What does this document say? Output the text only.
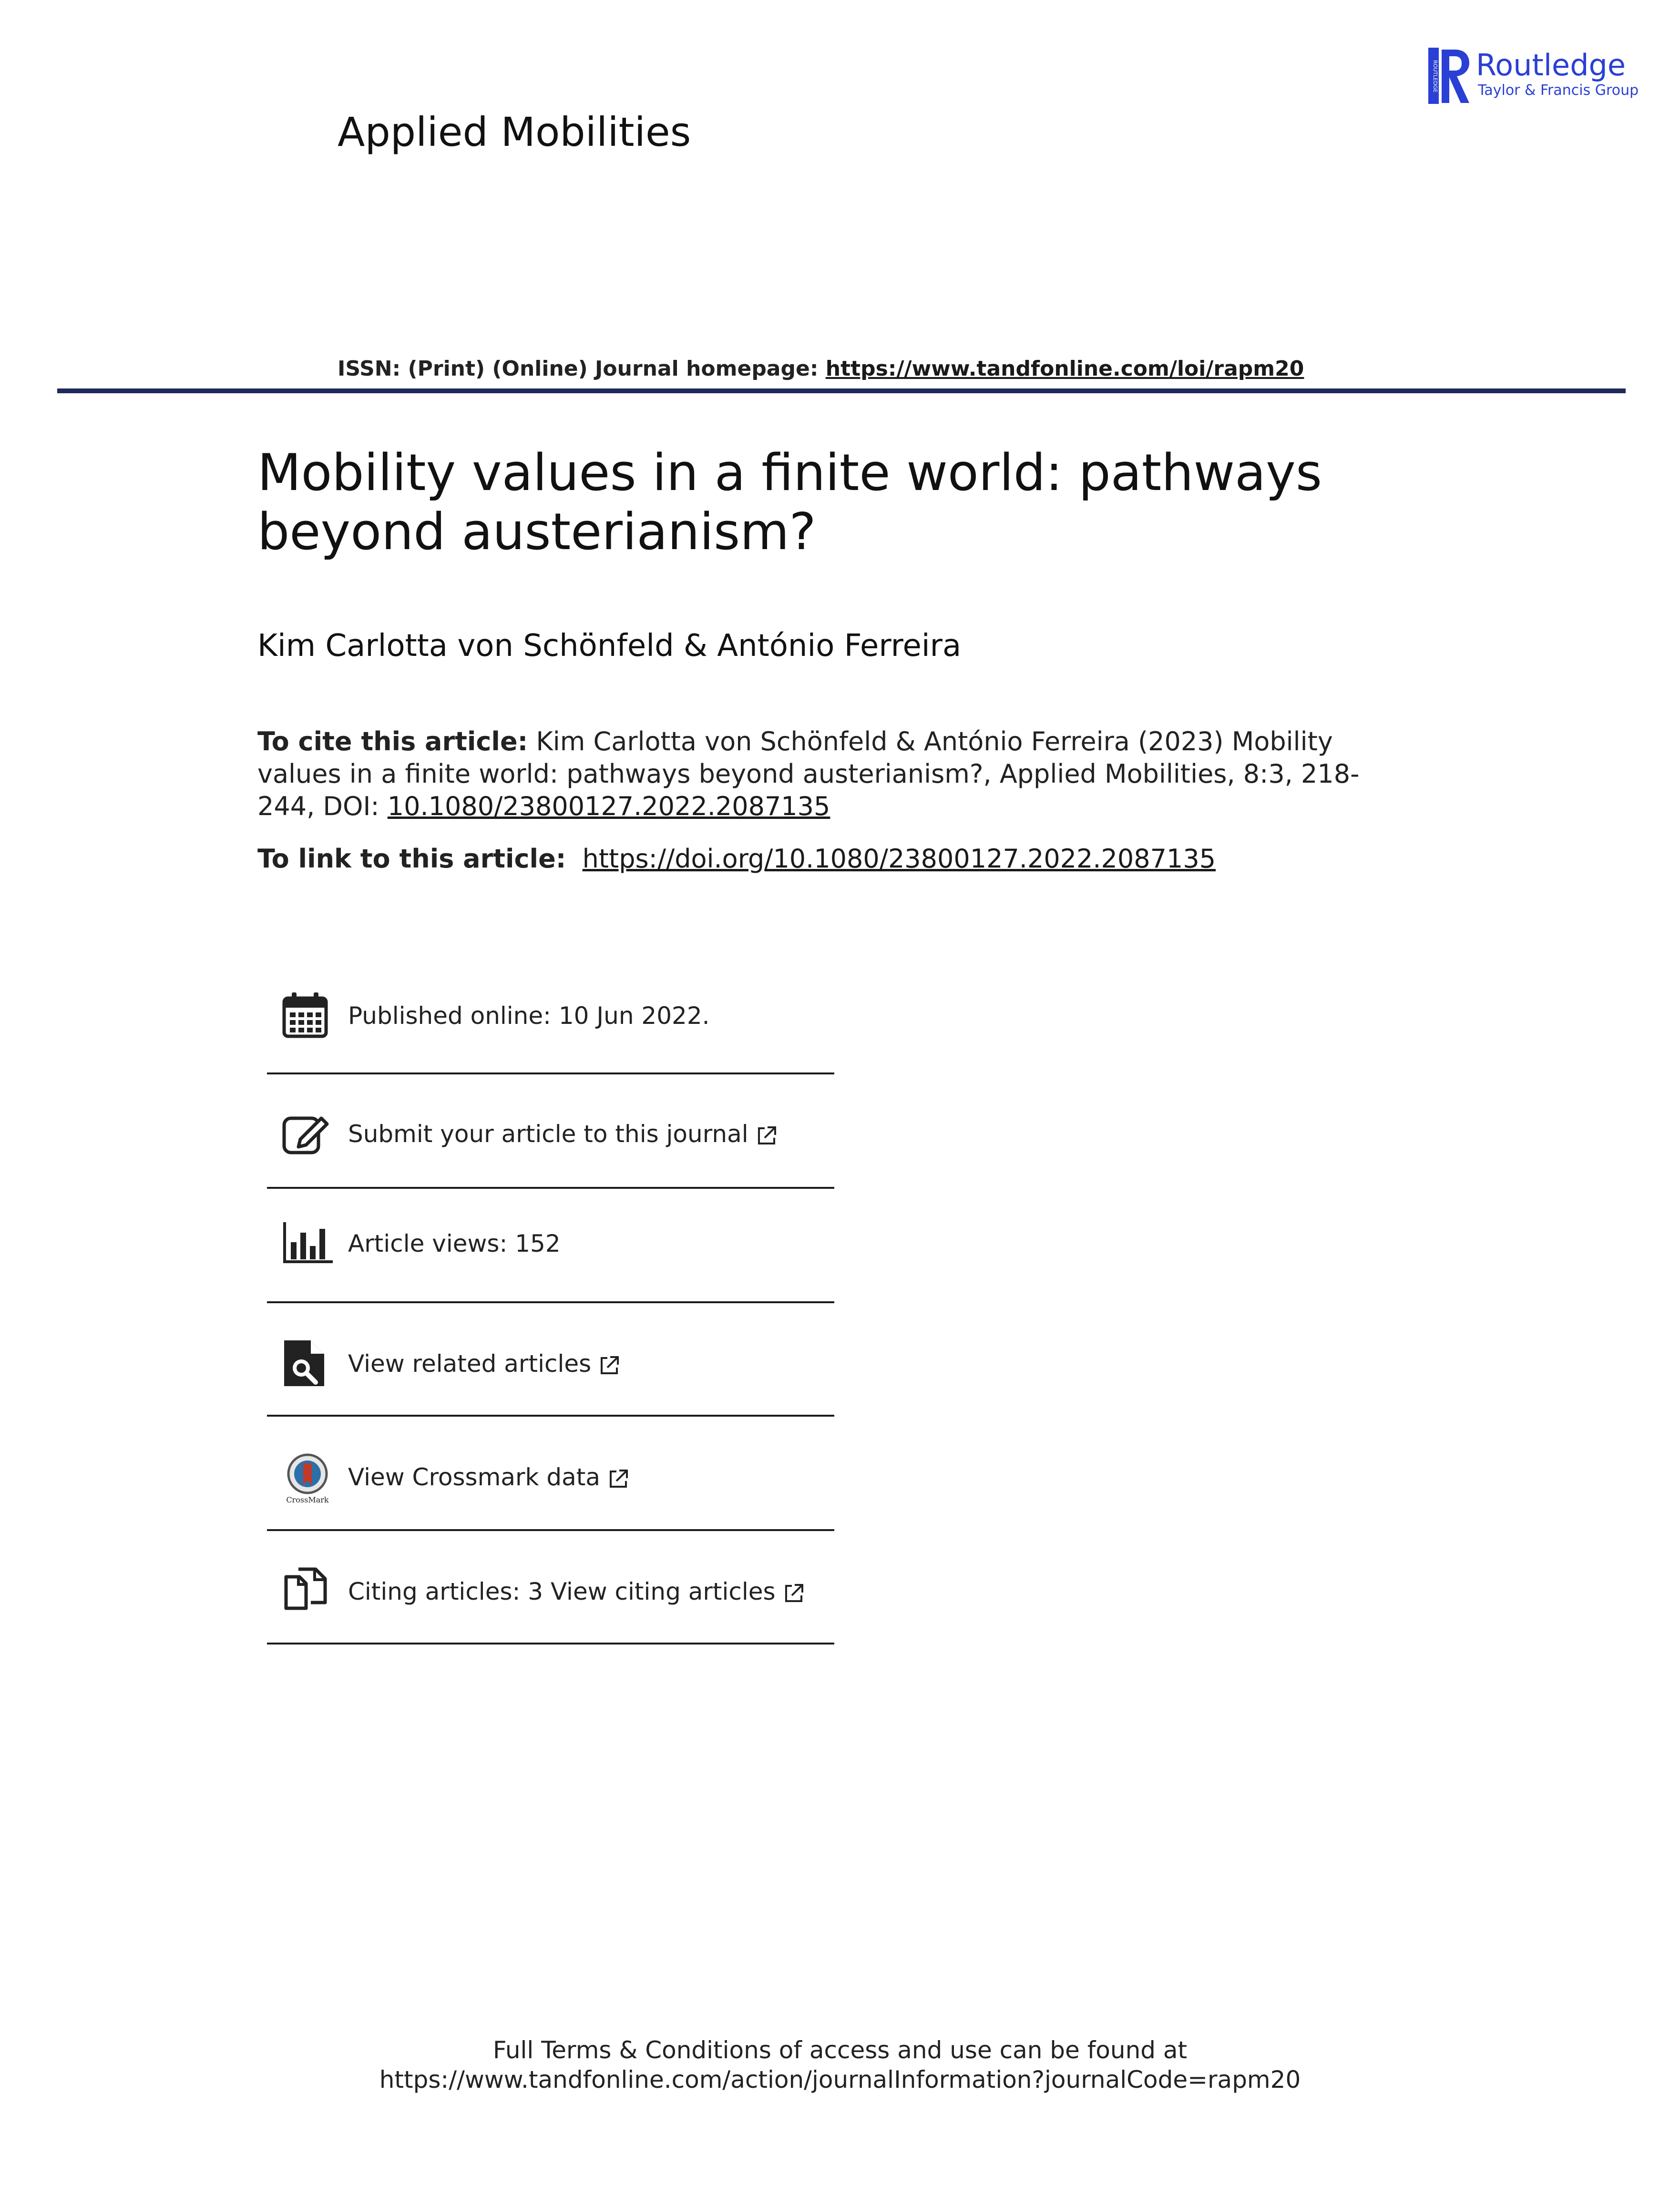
Applied Mobilities
ROUTLEDGE Routledge
Taylor & Francis Group
ISSN: (Print) (Online) Journal homepage: https://www.tandfonline.com/loi/rapm20
Mobility values in a finite world: pathways beyond austerianism?
Kim Carlotta von Schönfeld & António Ferreira
To cite this article: Kim Carlotta von Schönfeld & António Ferreira (2023) Mobility values in a finite world: pathways beyond austerianism?, Applied Mobilities, 8:3, 218-244, DOI: 10.1080/23800127.2022.2087135
To link to this article: https://doi.org/10.1080/23800127.2022.2087135
Published online: 10 Jun 2022.
Submit your article to this journal
Article views: 152
View related articles
CrossMark
View Crossmark data
Citing articles: 3 View citing articles
Full Terms & Conditions of access and use can be found at
https://www.tandfonline.com/action/journalInformation?journalCode=rapm20
